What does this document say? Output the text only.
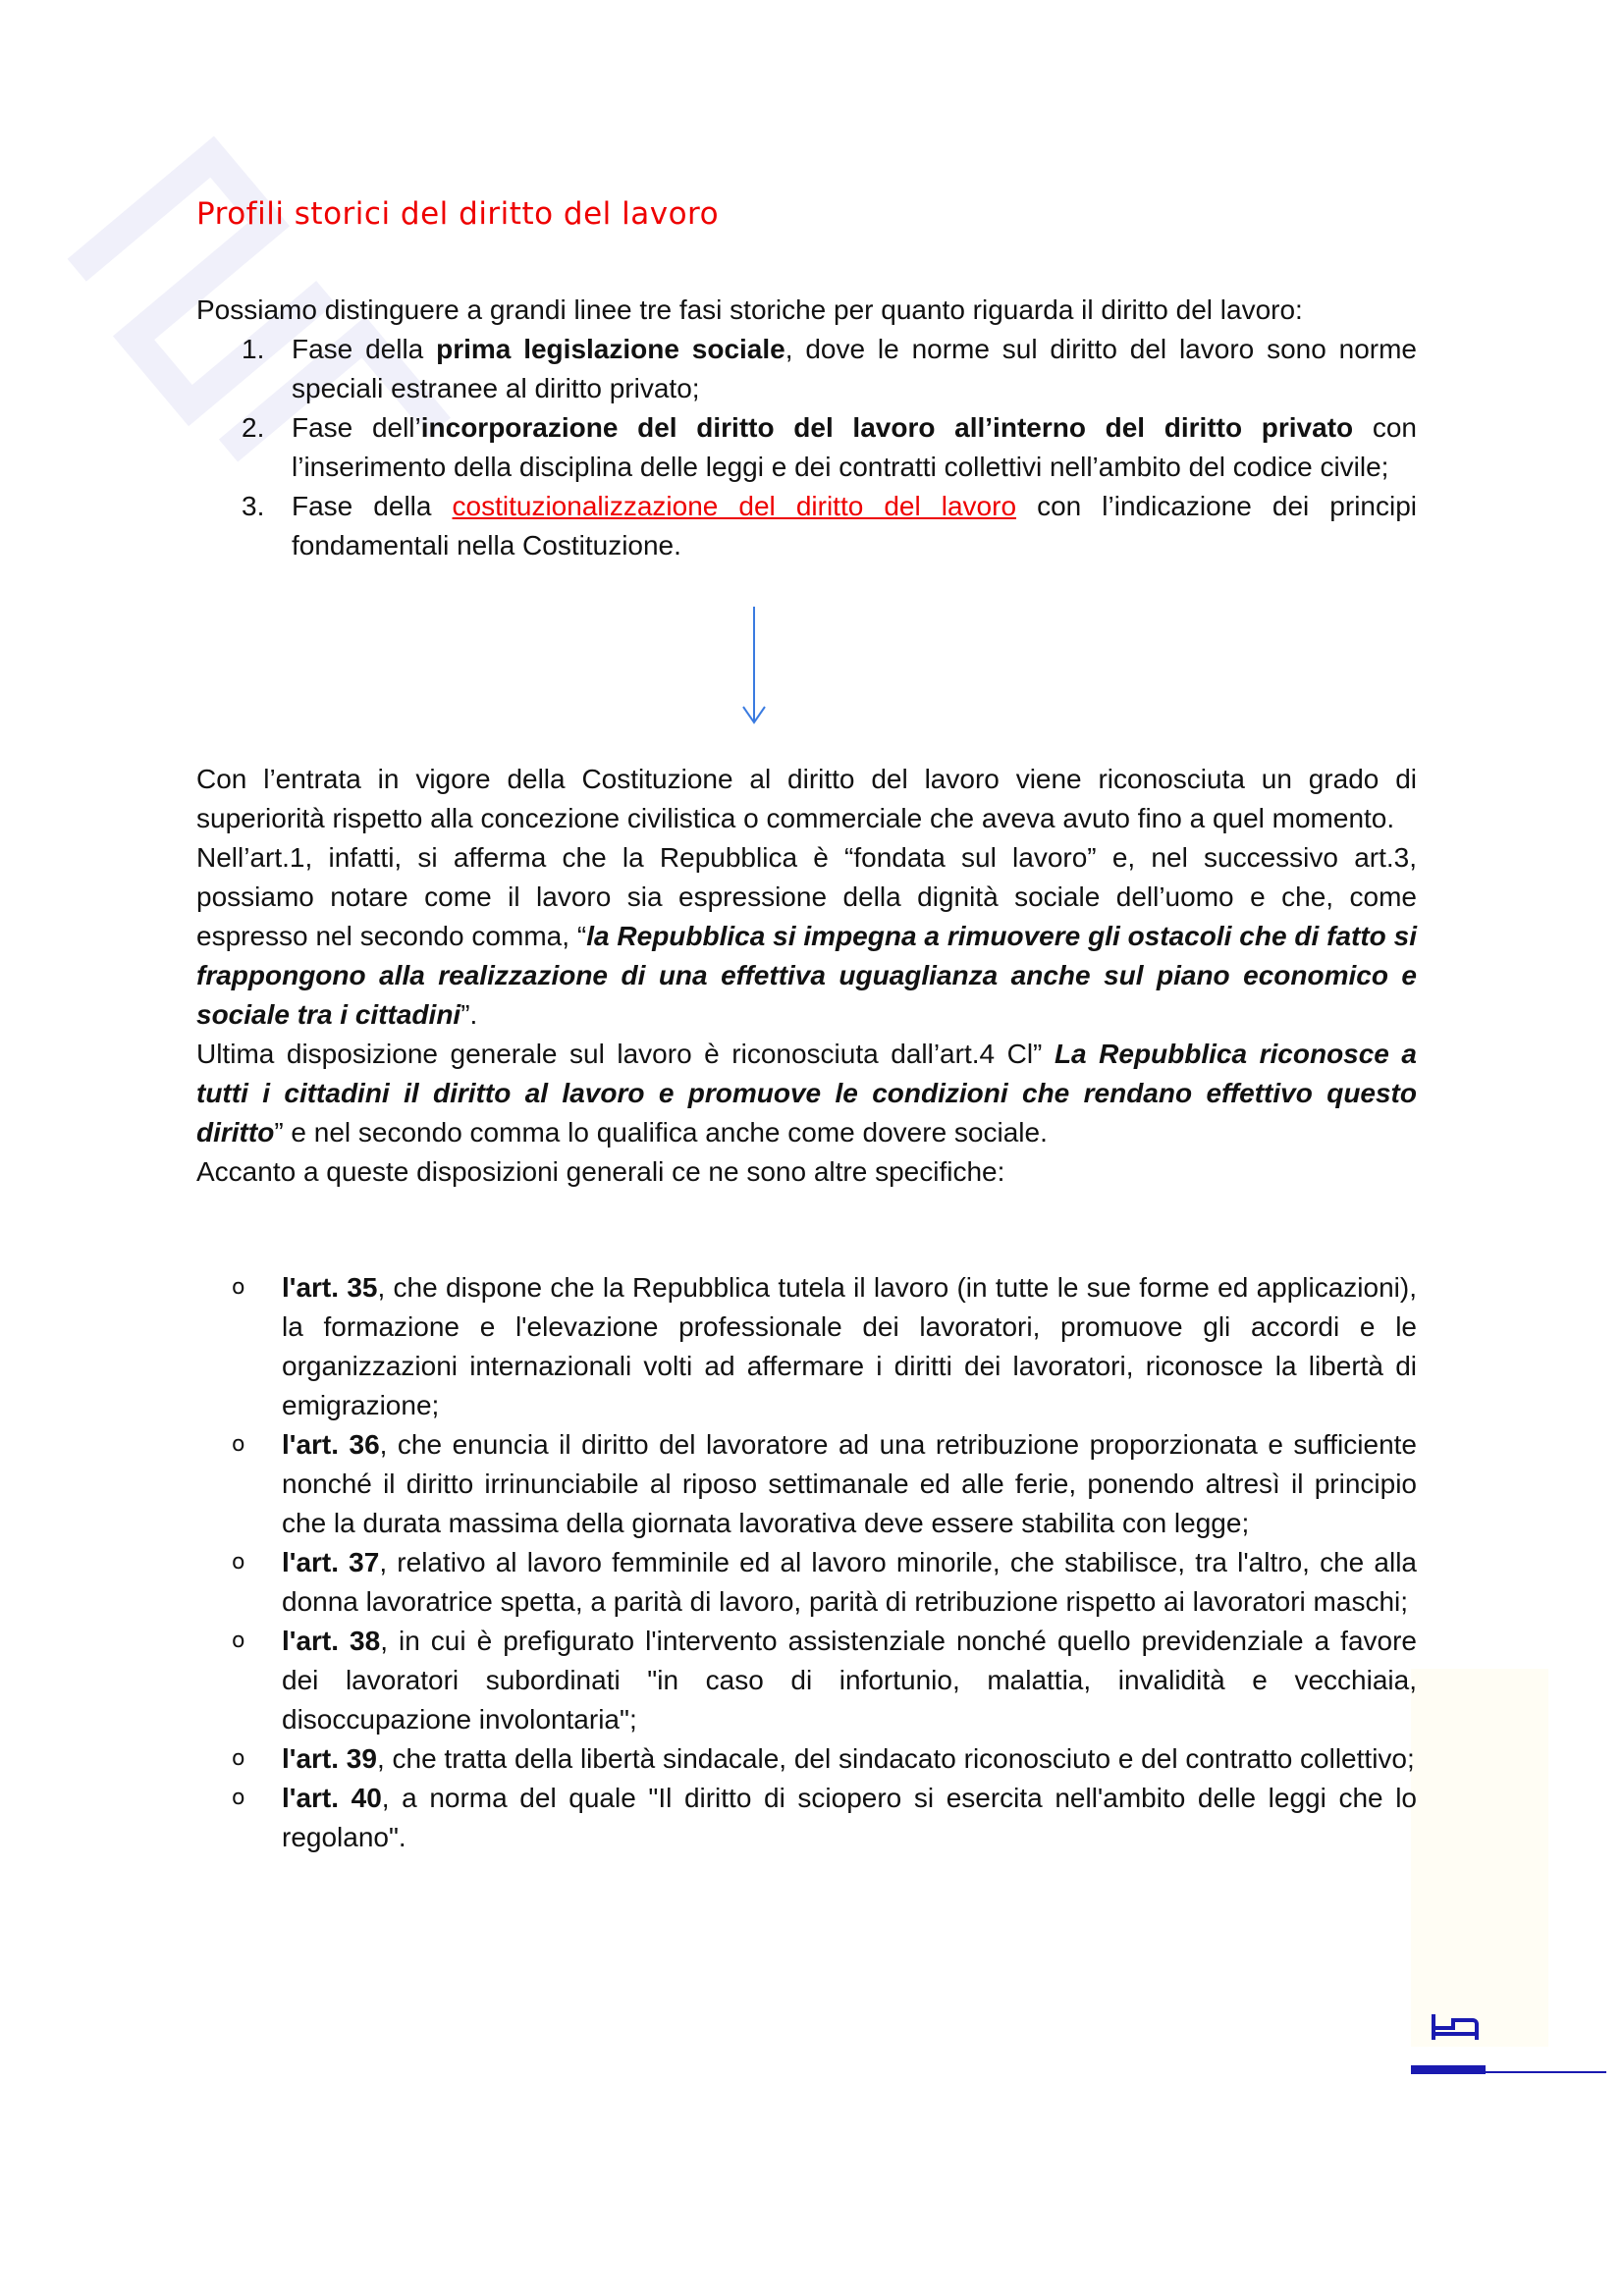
Profili storici del diritto del lavoro
Possiamo distinguere a grandi linee tre fasi storiche per quanto riguarda il diritto del lavoro:
1. Fase della prima legislazione sociale, dove le norme sul diritto del lavoro sono norme speciali estranee al diritto privato;
2. Fase dell’incorporazione del diritto del lavoro all’interno del diritto privato con l’inserimento della disciplina delle leggi e dei contratti collettivi nell’ambito del codice civile;
3. Fase della costituzionalizzazione del diritto del lavoro con l’indicazione dei principi fondamentali nella Costituzione.
Con l’entrata in vigore della Costituzione al diritto del lavoro viene riconosciuta un grado di superiorità rispetto alla concezione civilistica o commerciale che aveva avuto fino a quel momento.
Nell’art.1, infatti, si afferma che la Repubblica è “fondata sul lavoro” e, nel successivo art.3, possiamo notare come il lavoro sia espressione della dignità sociale dell’uomo e che, come espresso nel secondo comma, “la Repubblica si impegna a rimuovere gli ostacoli che di fatto si frappongono alla realizzazione di una effettiva uguaglianza anche sul piano economico e sociale tra i cittadini”.
Ultima disposizione generale sul lavoro è riconosciuta dall’art.4 Cl” La Repubblica riconosce a tutti i cittadini il diritto al lavoro e promuove le condizioni che rendano effettivo questo diritto” e nel secondo comma lo qualifica anche come dovere sociale.
Accanto a queste disposizioni generali ce ne sono altre specifiche:
o l'art. 35, che dispone che la Repubblica tutela il lavoro (in tutte le sue forme ed applicazioni), la formazione e l'elevazione professionale dei lavoratori, promuove gli accordi e le organizzazioni internazionali volti ad affermare i diritti dei lavoratori, riconosce la libertà di emigrazione;
o l'art. 36, che enuncia il diritto del lavoratore ad una retribuzione proporzionata e sufficiente nonché il diritto irrinunciabile al riposo settimanale ed alle ferie, ponendo altresì il principio che la durata massima della giornata lavorativa deve essere stabilita con legge;
o l'art. 37, relativo al lavoro femminile ed al lavoro minorile, che stabilisce, tra l'altro, che alla donna lavoratrice spetta, a parità di lavoro, parità di retribuzione rispetto ai lavoratori maschi;
o l'art. 38, in cui è prefigurato l'intervento assistenziale nonché quello previdenziale a favore dei lavoratori subordinati "in caso di infortunio, malattia, invalidità e vecchiaia, disoccupazione involontaria";
o l'art. 39, che tratta della libertà sindacale, del sindacato riconosciuto e del contratto collettivo;
o l'art. 40, a norma del quale "Il diritto di sciopero si esercita nell'ambito delle leggi che lo regolano".
